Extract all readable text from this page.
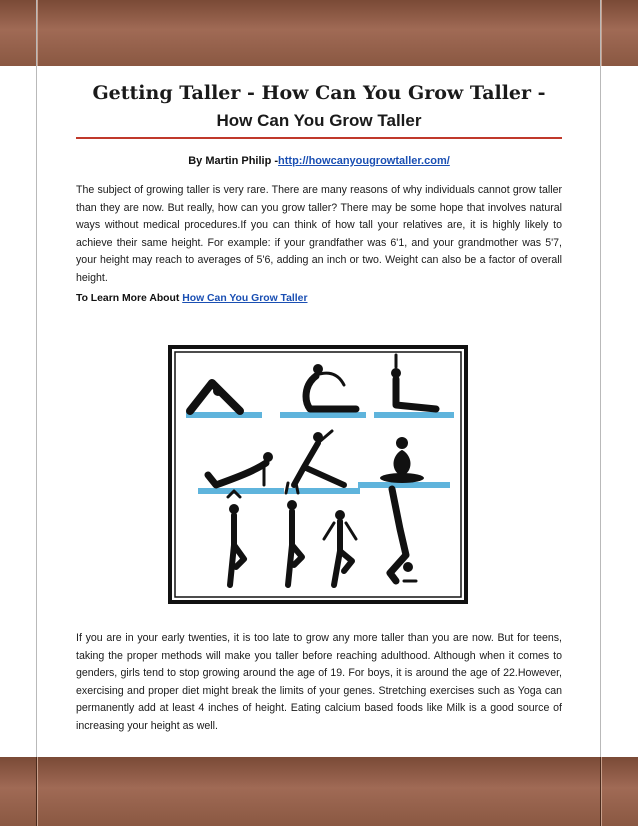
Getting Taller - How Can You Grow Taller -How Can You Grow Taller
By Martin Philip -http://howcanyougrowtaller.com/

The subject of growing taller is very rare. There are many reasons of why individuals cannot grow taller than they are now. But really, how can you grow taller? There may be some hope that involves natural ways without medical procedures.If you can think of how tall your relatives are, it is highly likely to achieve their same height. For example: if your grandfather was 6'1, and your grandmother was 5'7, your height may reach to averages of 5'6, adding an inch or two. Weight can also be a factor of overall height.

To Learn More About How Can You Grow Taller

If you are in your early twenties, it is too late to grow any more taller than you are now. But for teens, taking the proper methods will make you taller before reaching adulthood. Although when it comes to genders, girls tend to stop growing around the age of 19. For boys, it is around the age of 22.However, exercising and proper diet might break the limits of your genes. Stretching exercises such as Yoga can permanently add at least 4 inches of height. Eating calcium based foods like Milk is a good source of increasing your height as well.
